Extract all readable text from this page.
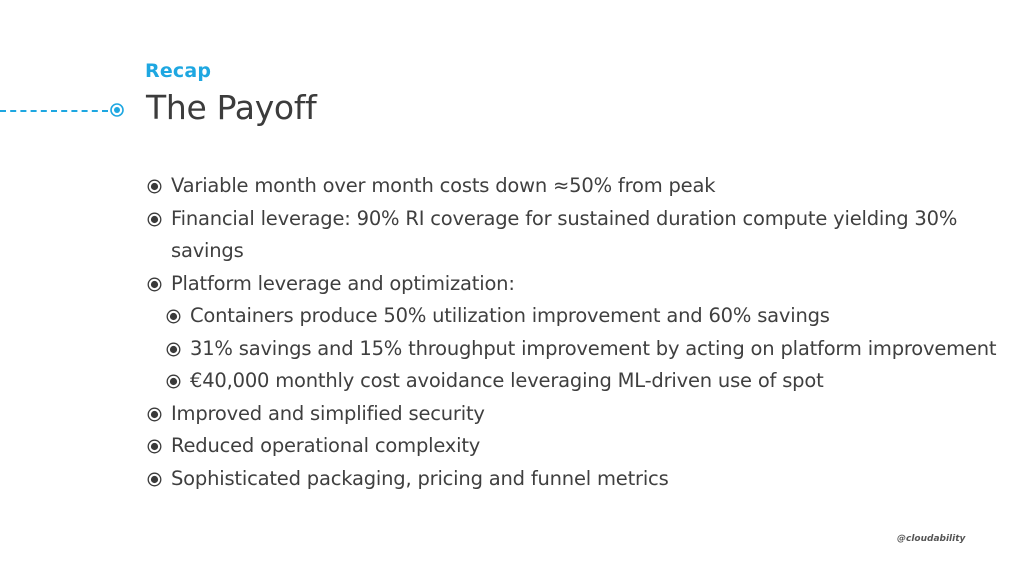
Recap
The Payoff
Variable month over month costs down ≈50% from peak
Financial leverage: 90% RI coverage for sustained duration compute yielding 30%
savings
Platform leverage and optimization:
Containers produce 50% utilization improvement and 60% savings
31% savings and 15% throughput improvement by acting on platform improvement
€40,000 monthly cost avoidance leveraging ML-driven use of spot
Improved and simplified security
Reduced operational complexity
Sophisticated packaging, pricing and funnel metrics
@cloudability
